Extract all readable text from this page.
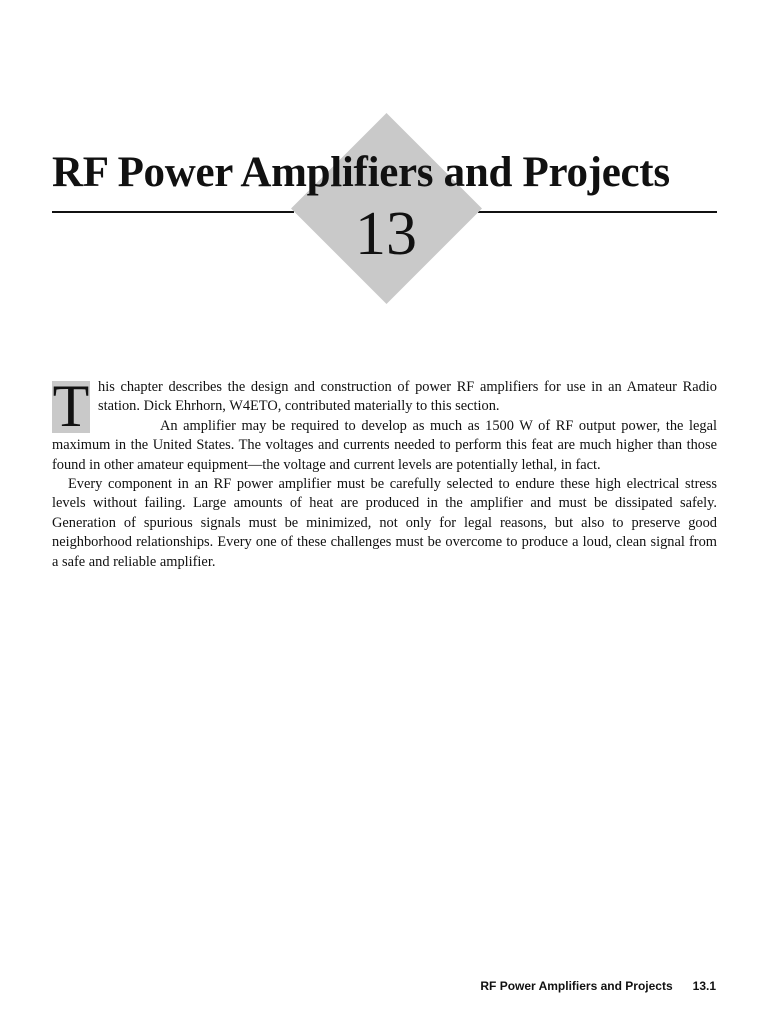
RF Power Amplifiers and Projects
13

T his chapter describes the design and construction of power RF amplifiers for use in an Amateur Radio station. Dick Ehrhorn, W4ETO, contributed materially to this section.

An amplifier may be required to develop as much as 1500 W of RF output power, the legal maximum in the United States. The voltages and currents needed to perform this feat are much higher than those found in other amateur equipment—the voltage and current levels are potentially lethal, in fact.

Every component in an RF power amplifier must be carefully selected to endure these high electrical stress levels without failing. Large amounts of heat are produced in the amplifier and must be dissipated safely. Generation of spurious signals must be minimized, not only for legal reasons, but also to preserve good neighborhood relationships. Every one of these challenges must be overcome to produce a loud, clean signal from a safe and reliable amplifier.

RF Power Amplifiers and Projects 13.1
